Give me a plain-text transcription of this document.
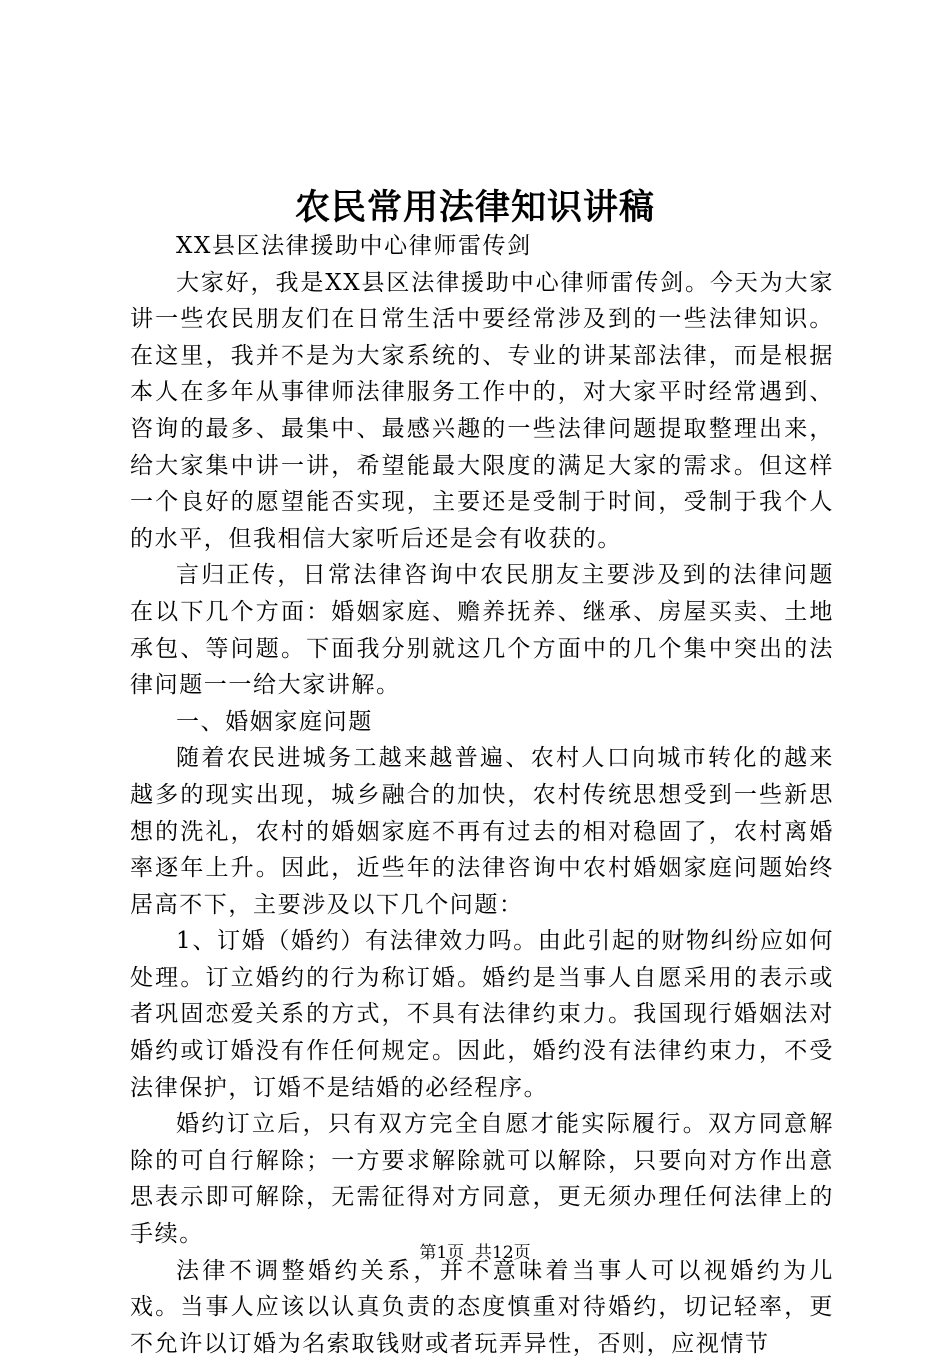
农民常用法律知识讲稿

XX县区法律援助中心律师雷传剑

大家好，我是XX县区法律援助中心律师雷传剑。今天为大家讲一些农民朋友们在日常生活中要经常涉及到的一些法律知识。在这里，我并不是为大家系统的、专业的讲某部法律，而是根据本人在多年从事律师法律服务工作中的，对大家平时经常遇到、咨询的最多、最集中、最感兴趣的一些法律问题提取整理出来，给大家集中讲一讲，希望能最大限度的满足大家的需求。但这样一个良好的愿望能否实现，主要还是受制于时间，受制于我个人的水平，但我相信大家听后还是会有收获的。

言归正传，日常法律咨询中农民朋友主要涉及到的法律问题在以下几个方面：婚姻家庭、赡养抚养、继承、房屋买卖、土地承包、等问题。下面我分别就这几个方面中的几个集中突出的法律问题一一给大家讲解。

一、婚姻家庭问题

随着农民进城务工越来越普遍、农村人口向城市转化的越来越多的现实出现，城乡融合的加快，农村传统思想受到一些新思想的洗礼，农村的婚姻家庭不再有过去的相对稳固了，农村离婚率逐年上升。因此，近些年的法律咨询中农村婚姻家庭问题始终居高不下，主要涉及以下几个问题：

1、订婚（婚约）有法律效力吗。由此引起的财物纠纷应如何处理。订立婚约的行为称订婚。婚约是当事人自愿采用的表示或者巩固恋爱关系的方式，不具有法律约束力。我国现行婚姻法对婚约或订婚没有作任何规定。因此，婚约没有法律约束力，不受法律保护，订婚不是结婚的必经程序。

婚约订立后，只有双方完全自愿才能实际履行。双方同意解除的可自行解除；一方要求解除就可以解除，只要向对方作出意思表示即可解除，无需征得对方同意，更无须办理任何法律上的手续。

法律不调整婚约关系，并不意味着当事人可以视婚约为儿戏。当事人应该以认真负责的态度慎重对待婚约，切记轻率，更不允许以订婚为名索取钱财或者玩弄异性，否则，应视情节

第1页 共12页
